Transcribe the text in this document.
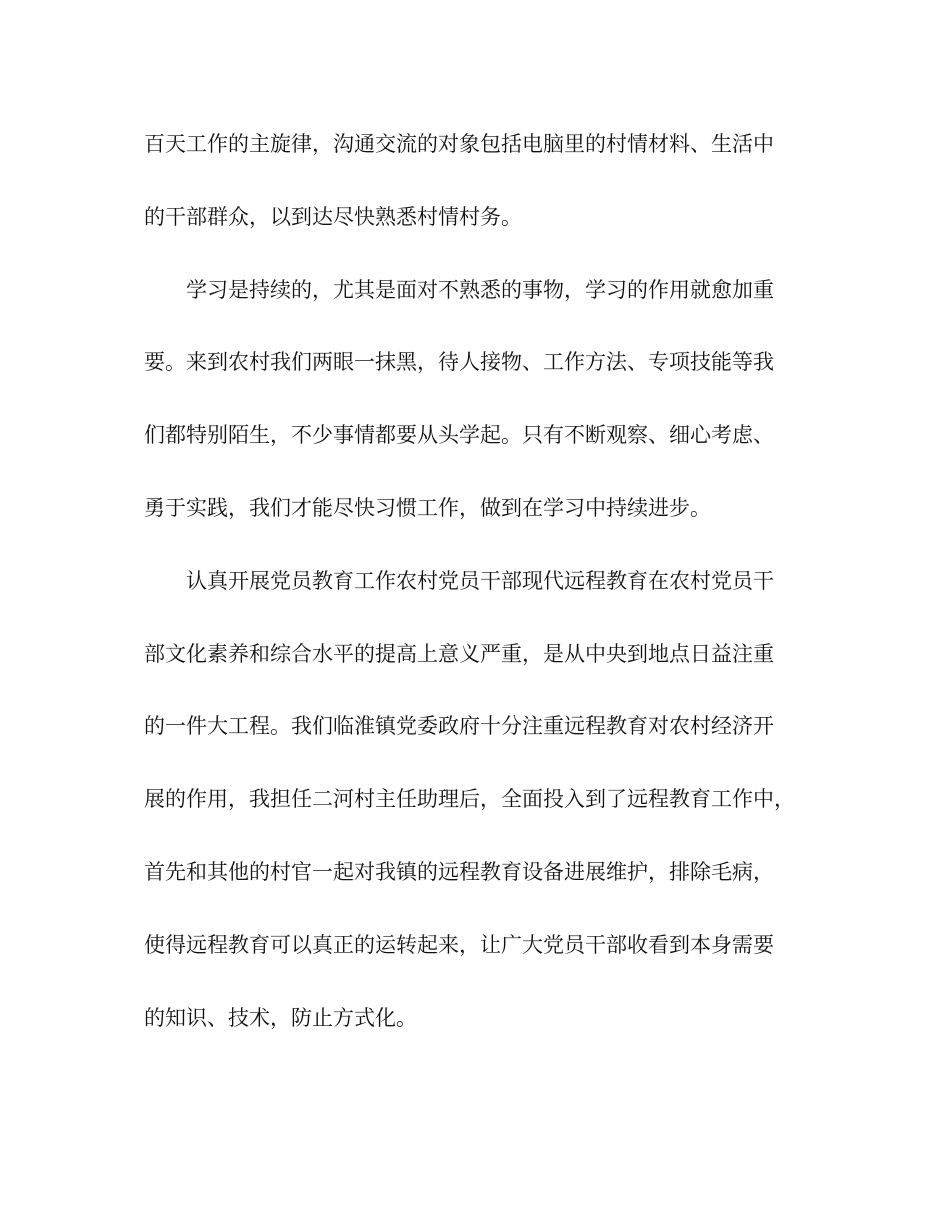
百天工作的主旋律，沟通交流的对象包括电脑里的村情材料、生活中
的干部群众，以到达尽快熟悉村情村务。
学习是持续的，尤其是面对不熟悉的事物，学习的作用就愈加重
要。来到农村我们两眼一抹黑，待人接物、工作方法、专项技能等我
们都特别陌生，不少事情都要从头学起。只有不断观察、细心考虑、
勇于实践，我们才能尽快习惯工作，做到在学习中持续进步。
认真开展党员教育工作农村党员干部现代远程教育在农村党员干
部文化素养和综合水平的提高上意义严重，是从中央到地点日益注重
的一件大工程。我们临淮镇党委政府十分注重远程教育对农村经济开
展的作用，我担任二河村主任助理后，全面投入到了远程教育工作中，
首先和其他的村官一起对我镇的远程教育设备进展维护，排除毛病，
使得远程教育可以真正的运转起来，让广大党员干部收看到本身需要
的知识、技术，防止方式化。
